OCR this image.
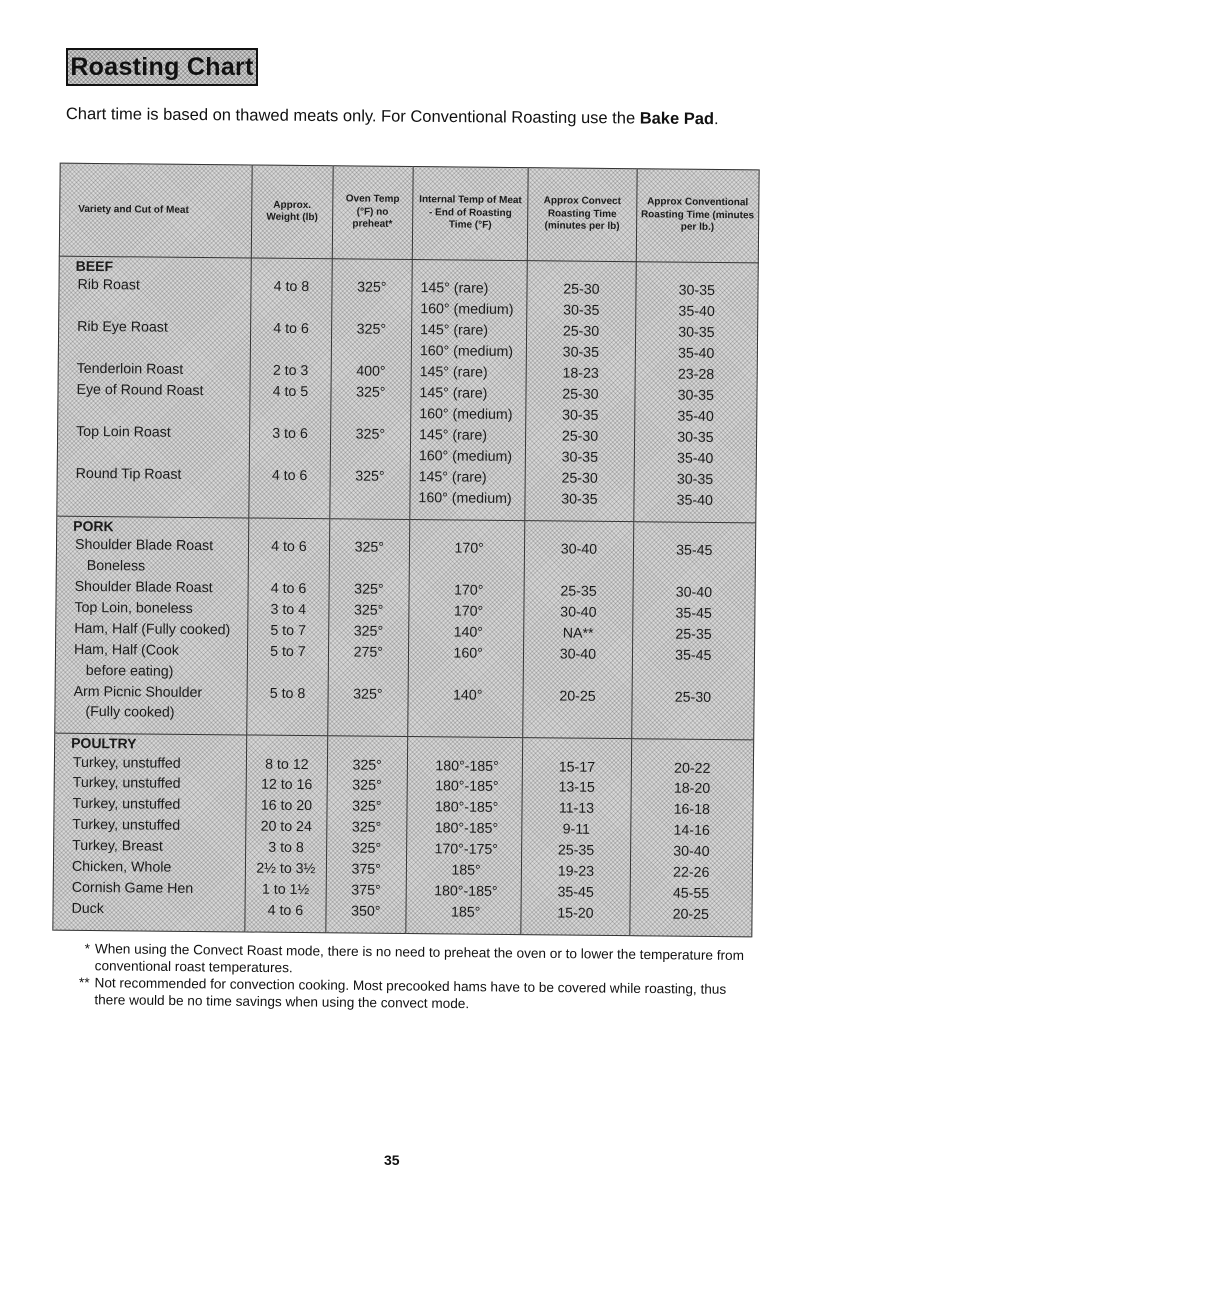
Roasting Chart
Chart time is based on thawed meats only. For Conventional Roasting use the Bake Pad.
Variety and Cut of Meat	Approx. Weight (lb)	Oven Temp (°F) no preheat*	Internal Temp of Meat - End of Roasting Time (°F)	Approx Convect Roasting Time (minutes per lb)	Approx Conventional Roasting Time (minutes per lb.)
BEEF					
Rib Roast	4 to 8	325°	145° (rare)	25-30	30-35
			160° (medium)	30-35	35-40
Rib Eye Roast	4 to 6	325°	145° (rare)	25-30	30-35
			160° (medium)	30-35	35-40
Tenderloin Roast	2 to 3	400°	145° (rare)	18-23	23-28
Eye of Round Roast	4 to 5	325°	145° (rare)	25-30	30-35
			160° (medium)	30-35	35-40
Top Loin Roast	3 to 6	325°	145° (rare)	25-30	30-35
			160° (medium)	30-35	35-40
Round Tip Roast	4 to 6	325°	145° (rare)	25-30	30-35
			160° (medium)	30-35	35-40

PORK					
Shoulder Blade Roast	4 to 6	325°	170°	30-40	35-45
Boneless					
Shoulder Blade Roast	4 to 6	325°	170°	25-35	30-40
Top Loin, boneless	3 to 4	325°	170°	30-40	35-45
Ham, Half (Fully cooked)	5 to 7	325°	140°	NA**	25-35
Ham, Half (Cook	5 to 7	275°	160°	30-40	35-45
before eating)					
Arm Picnic Shoulder	5 to 8	325°	140°	20-25	25-30
(Fully cooked)					

POULTRY					
Turkey, unstuffed	8 to 12	325°	180°-185°	15-17	20-22
Turkey, unstuffed	12 to 16	325°	180°-185°	13-15	18-20
Turkey, unstuffed	16 to 20	325°	180°-185°	11-13	16-18
Turkey, unstuffed	20 to 24	325°	180°-185°	9-11	14-16
Turkey, Breast	3 to 8	325°	170°-175°	25-35	30-40
Chicken, Whole	2½ to 3½	375°	185°	19-23	22-26
Cornish Game Hen	1 to 1½	375°	180°-185°	35-45	45-55
Duck	4 to 6	350°	185°	15-20	20-25

* When using the Convect Roast mode, there is no need to preheat the oven or to lower the temperature from conventional roast temperatures.
** Not recommended for convection cooking. Most precooked hams have to be covered while roasting, thus there would be no time savings when using the convect mode.
35
